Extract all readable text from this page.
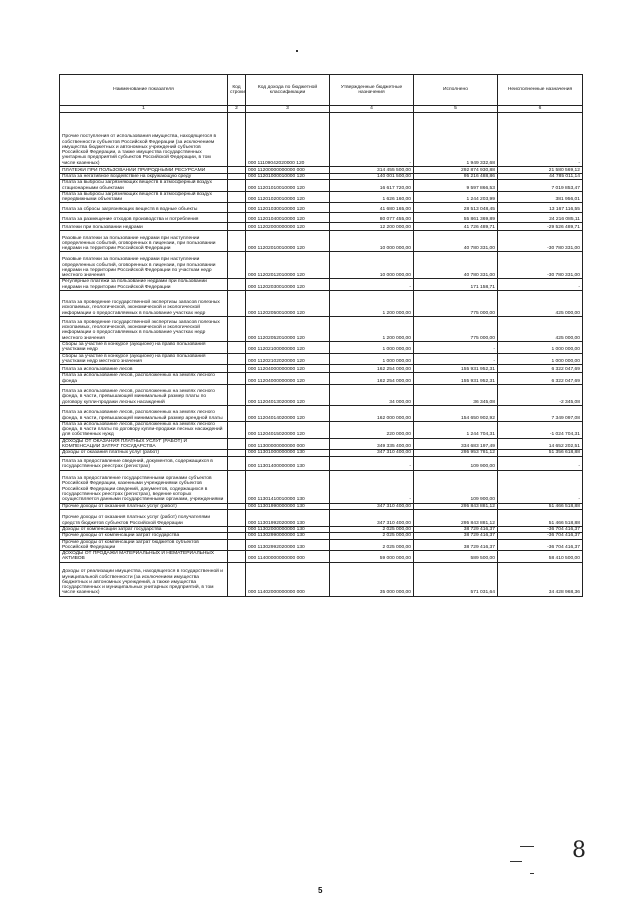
Наименование показателя	Код строки	Код дохода по бюджетной классификации	Утвержденные бюджетные назначения	Исполнено	Неисполненные назначения
1	2	3	4	5	6
Прочие поступления от использования имущества, находящегося в собственности субъектов Российской Федерации (за исключением имущества бюджетных и автономных учреждений субъектов Российской Федерации, а также имущества государственных унитарных предприятий субъектов Российской Федерации, в том числе казенных)		000 11109042020000 120	-	1 949 332,68	-
ПЛАТЕЖИ ПРИ ПОЛЬЗОВАНИИ ПРИРОДНЫМИ РЕСУРСАМИ		000 11200000000000 000	314 455 500,00	292 874 930,88	21 580 569,12
Плата за негативное воздействие на окружающую среду		000 11201000010000 120	140 001 500,00	95 216 488,86	44 785 011,14
Плата за выбросы загрязняющих веществ в атмосферный воздух стационарными объектами		000 11201010010000 120	16 617 720,00	9 597 866,53	7 019 853,47
Плата за выбросы загрязняющих веществ в атмосферный воздух передвижными объектами		000 11201020010000 120	1 626 160,00	1 244 203,99	381 956,01
Плата за сбросы загрязняющих веществ в водные объекты		000 11201030010000 120	41 680 165,00	28 513 048,45	13 167 116,55
Плата за размещение отходов производства и потребления		000 11201040010000 120	80 077 455,00	55 861 369,89	24 216 085,11
Платежи при пользовании недрами		000 11202000000000 120	12 200 000,00	41 726 489,71	-29 526 489,71
Разовые платежи за пользование недрами при наступлении определенных событий, оговоренных в лицензии, при пользовании недрами на территории Российской Федерации		000 11202010010000 120	10 000 000,00	40 780 331,00	-30 780 331,00
Разовые платежи за пользование недрами при наступлении определенных событий, оговоренных в лицензии, при пользовании недрами на территории Российской Федерации по участкам недр местного значения		000 11202012010000 120	10 000 000,00	40 780 331,00	-30 780 331,00
Регулярные платежи за пользование недрами при пользовании недрами на территории Российской Федерации		000 11202030010000 120	-	171 158,71	-
Плата за проведение государственной экспертизы запасов полезных ископаемых, геологической, экономической и экологической информации о предоставляемых в пользование участках недр		000 11202050010000 120	1 200 000,00	775 000,00	425 000,00
Плата за проведение государственной экспертизы запасов полезных ископаемых, геологической, экономической и экологической информации о предоставляемых в пользование участках недр местного значения		000 11202052010000 120	1 200 000,00	775 000,00	425 000,00
Сборы за участие в конкурсе (аукционе) на право пользования участками недр		000 11202100000000 120	1 000 000,00	-	1 000 000,00
Сборы за участие в конкурсе (аукционе) на право пользования участками недр местного значения		000 11202102020000 120	1 000 000,00	-	1 000 000,00
Плата за использование лесов		000 11204000000000 120	162 254 000,00	155 931 952,31	6 322 047,69
Плата за использование лесов, расположенных на землях лесного фонда		000 11204000000000 120	162 254 000,00	155 931 952,31	6 322 047,69
Плата за использование лесов, расположенных на землях лесного фонда, в части, превышающей минимальный размер платы по договору купли-продажи лесных насаждений		000 11204013020000 120	34 000,00	36 345,08	-2 345,08
Плата за использование лесов, расположенных на землях лесного фонда, в части, превышающей минимальный размер арендной платы		000 11204014020000 120	162 000 000,00	154 650 902,92	7 349 097,08
Плата за использование лесов, расположенных на землях лесного фонда, в части платы по договору купли-продажи лесных насаждений для собственных нужд		000 11204015020000 120	220 000,00	1 244 704,31	-1 024 704,31
ДОХОДЫ ОТ ОКАЗАНИЯ ПЛАТНЫХ УСЛУГ (РАБОТ) И КОМПЕНСАЦИИ ЗАТРАТ ГОСУДАРСТВА		000 11300000000000 000	349 335 400,00	334 683 197,49	14 652 202,51
Доходы от оказания платных услуг (работ)		000 11301000000000 130	347 310 400,00	295 953 781,12	51 356 618,88
Плата за предоставление сведений, документов, содержащихся в государственных реестрах (регистрах)		000 11301400000000 130	-	109 900,00	-
Плата за предоставление государственными органами субъектов Российской Федерации, казенными учреждениями субъектов Российской Федерации сведений, документов, содержащихся в государственных реестрах (регистрах), ведение которых осуществляется данными государственными органами, учреждениями		000 11301410010000 130	-	109 900,00	-
Прочие доходы от оказания платных услуг (работ)		000 11301990000000 130	347 310 400,00	295 843 881,12	51 466 518,88
Прочие доходы от оказания платных услуг (работ) получателями средств бюджетов субъектов Российской Федерации		000 11301992020000 130	347 310 400,00	295 843 881,12	51 466 518,88
Доходы от компенсации затрат государства		000 11302000000000 130	2 025 000,00	38 729 416,37	-36 704 416,37
Прочие доходы от компенсации затрат государства		000 11302990000000 130	2 025 000,00	38 729 416,37	-36 704 416,37
Прочие доходы от компенсации затрат бюджетов субъектов Российской Федерации		000 11302992020000 130	2 025 000,00	38 729 416,37	-36 704 416,37
ДОХОДЫ ОТ ПРОДАЖИ МАТЕРИАЛЬНЫХ И НЕМАТЕРИАЛЬНЫХ АКТИВОВ		000 11400000000000 000	59 000 000,00	589 500,00	58 410 500,00
Доходы от реализации имущества, находящегося в государственной и муниципальной собственности (за исключением имущества бюджетных и автономных учреждений, а также имущества государственных и муниципальных унитарных предприятий, в том числе казенных)		000 11402000000000 000	35 000 000,00	571 031,64	34 428 968,36
8
5
